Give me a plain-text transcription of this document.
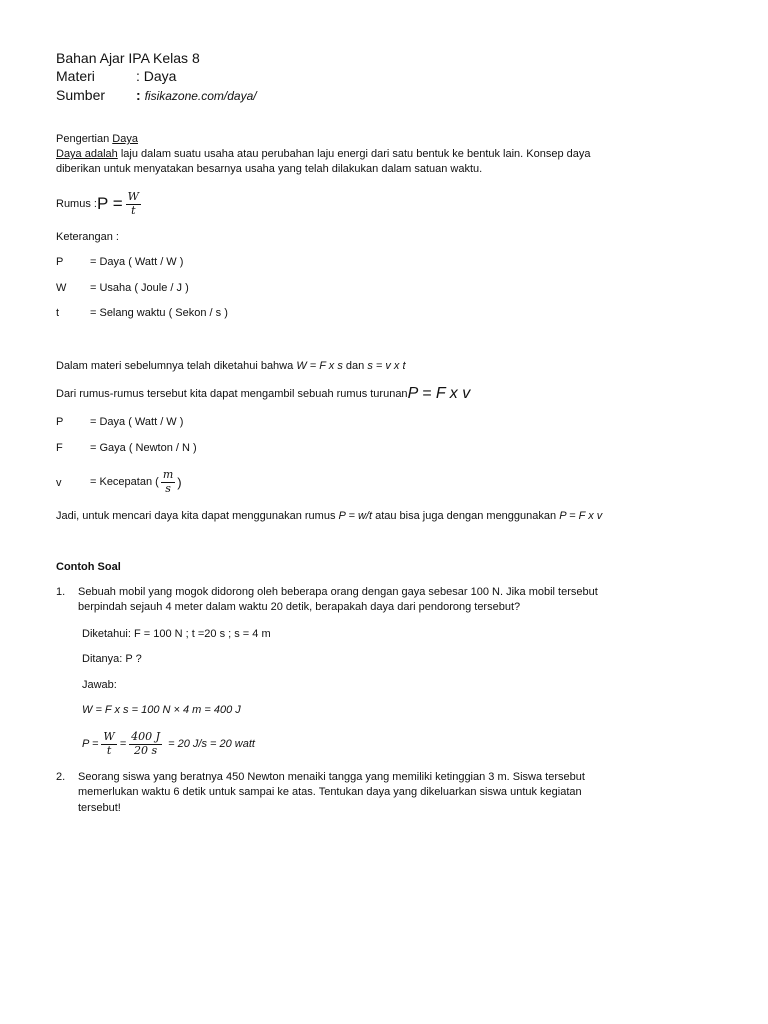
Bahan Ajar IPA Kelas 8
Materi	: Daya
Sumber : fisikazone.com/daya/
Pengertian Daya
Daya adalah laju dalam suatu usaha atau perubahan laju energi dari satu bentuk ke bentuk lain. Konsep daya
diberikan untuk menyatakan besarnya usaha yang telah dilakukan dalam satuan waktu.
Rumus : $P = \frac{W}{t}$
Keterangan :
P = Daya ( Watt / W )
W = Usaha ( Joule / J )
t	= Selang waktu ( Sekon / s )
Dalam materi sebelumnya telah diketahui bahwa W = F x s dan s = v x t
Dari rumus-rumus tersebut kita dapat mengambil sebuah rumus turunan P = F x v
P = Daya ( Watt / W )
F = Gaya ( Newton / N )
v	= Kecepatan ( $\frac{m}{s}$ )
Jadi, untuk mencari daya kita dapat menggunakan rumus P = w/t atau bisa juga dengan menggunakan P = F x v
Contoh Soal
1. Sebuah mobil yang mogok didorong oleh beberapa orang dengan gaya sebesar 100 N. Jika mobil tersebut
berpindah sejauh 4 meter dalam waktu 20 detik, berapakah daya dari pendorong tersebut?
Diketahui: F = 100 N ; t =20 s ; s = 4 m
Ditanya: P ?
Jawab:
W = F x s = 100 N × 4 m = 400 J
$P = \frac{W}{t} = \frac{400 J}{20 s} = 20$ J/s = 20 watt
2. Seorang siswa yang beratnya 450 Newton menaiki tangga yang memiliki ketinggian 3 m. Siswa tersebut
memerlukan waktu 6 detik untuk sampai ke atas. Tentukan daya yang dikeluarkan siswa untuk kegiatan
tersebut!
